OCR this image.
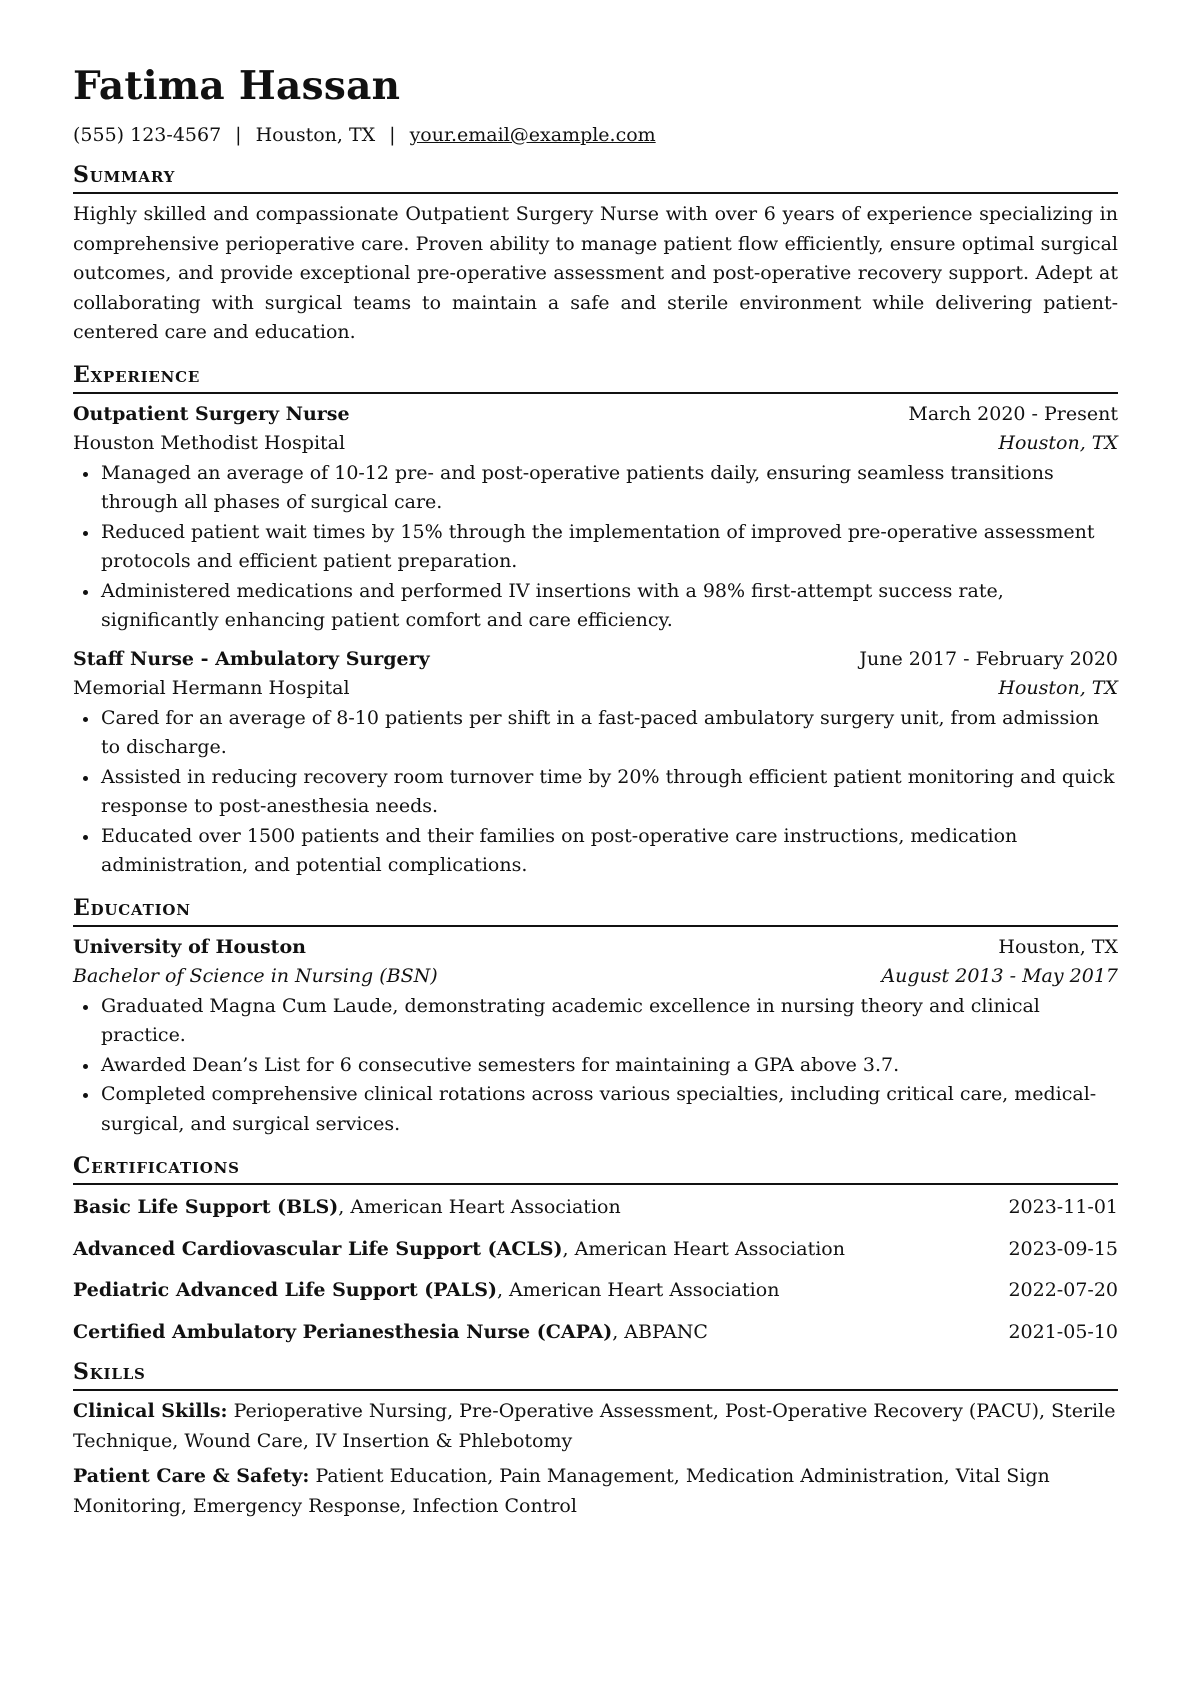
Fatima Hassan
(555) 123-4567 | Houston, TX | your.email@example.com
Summary
Highly skilled and compassionate Outpatient Surgery Nurse with over 6 years of experience specializing in comprehensive perioperative care. Proven ability to manage patient flow efficiently, ensure optimal surgical outcomes, and provide exceptional pre-operative assessment and post-operative recovery support. Adept at collaborating with surgical teams to maintain a safe and sterile environment while delivering patient-centered care and education.
Experience
Outpatient Surgery Nurse	March 2020 - Present
Houston Methodist Hospital	Houston, TX
Managed an average of 10-12 pre- and post-operative patients daily, ensuring seamless transitions through all phases of surgical care.
Reduced patient wait times by 15% through the implementation of improved pre-operative assessment protocols and efficient patient preparation.
Administered medications and performed IV insertions with a 98% first-attempt success rate, significantly enhancing patient comfort and care efficiency.
Staff Nurse - Ambulatory Surgery	June 2017 - February 2020
Memorial Hermann Hospital	Houston, TX
Cared for an average of 8-10 patients per shift in a fast-paced ambulatory surgery unit, from admission to discharge.
Assisted in reducing recovery room turnover time by 20% through efficient patient monitoring and quick response to post-anesthesia needs.
Educated over 1500 patients and their families on post-operative care instructions, medication administration, and potential complications.
Education
University of Houston	Houston, TX
Bachelor of Science in Nursing (BSN)	August 2013 - May 2017
Graduated Magna Cum Laude, demonstrating academic excellence in nursing theory and clinical practice.
Awarded Dean’s List for 6 consecutive semesters for maintaining a GPA above 3.7.
Completed comprehensive clinical rotations across various specialties, including critical care, medical-surgical, and surgical services.
Certifications
Basic Life Support (BLS), American Heart Association	2023-11-01
Advanced Cardiovascular Life Support (ACLS), American Heart Association	2023-09-15
Pediatric Advanced Life Support (PALS), American Heart Association	2022-07-20
Certified Ambulatory Perianesthesia Nurse (CAPA), ABPANC	2021-05-10
Skills
Clinical Skills: Perioperative Nursing, Pre-Operative Assessment, Post-Operative Recovery (PACU), Sterile Technique, Wound Care, IV Insertion & Phlebotomy
Patient Care & Safety: Patient Education, Pain Management, Medication Administration, Vital Sign Monitoring, Emergency Response, Infection Control
